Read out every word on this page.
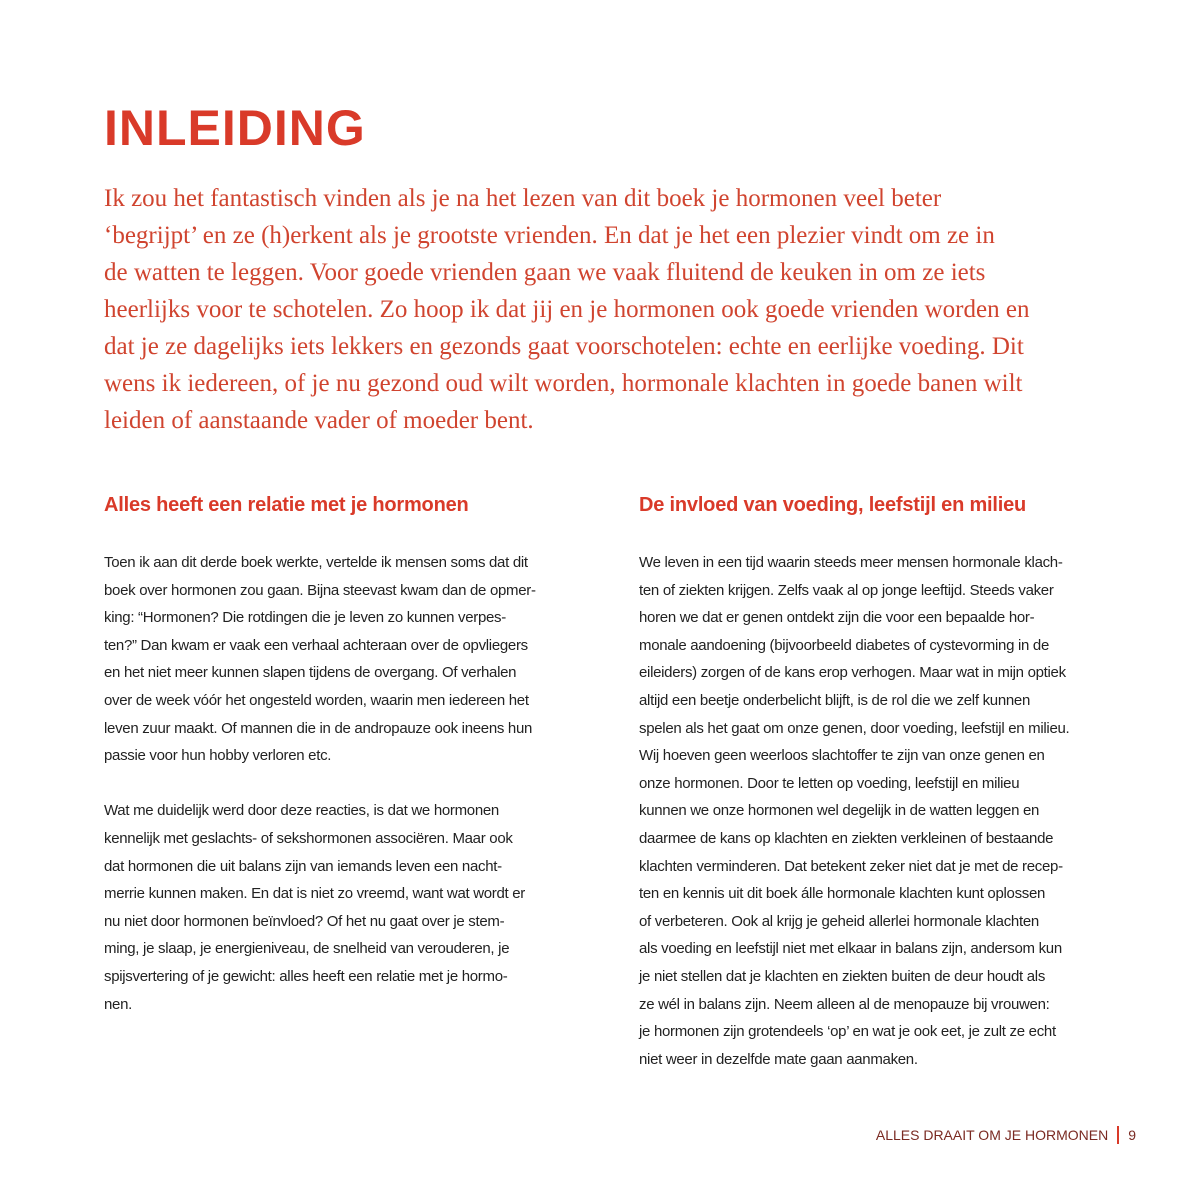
INLEIDING
Ik zou het fantastisch vinden als je na het lezen van dit boek je hormonen veel beter
‘begrijpt’ en ze (h)erkent als je grootste vrienden. En dat je het een plezier vindt om ze in
de watten te leggen. Voor goede vrienden gaan we vaak fluitend de keuken in om ze iets
heerlijks voor te schotelen. Zo hoop ik dat jij en je hormonen ook goede vrienden worden en
dat je ze dagelijks iets lekkers en gezonds gaat voorschotelen: echte en eerlijke voeding. Dit
wens ik iedereen, of je nu gezond oud wilt worden, hormonale klachten in goede banen wilt
leiden of aanstaande vader of moeder bent.
Alles heeft een relatie met je hormonen

Toen ik aan dit derde boek werkte, vertelde ik mensen soms dat dit
boek over hormonen zou gaan. Bijna steevast kwam dan de opmer-
king: “Hormonen? Die rotdingen die je leven zo kunnen verpes-
ten?” Dan kwam er vaak een verhaal achteraan over de opvliegers
en het niet meer kunnen slapen tijdens de overgang. Of verhalen
over de week vóór het ongesteld worden, waarin men iedereen het
leven zuur maakt. Of mannen die in de andropauze ook ineens hun
passie voor hun hobby verloren etc.

Wat me duidelijk werd door deze reacties, is dat we hormonen
kennelijk met geslachts- of sekshormonen associëren. Maar ook
dat hormonen die uit balans zijn van iemands leven een nacht-
merrie kunnen maken. En dat is niet zo vreemd, want wat wordt er
nu niet door hormonen beïnvloed? Of het nu gaat over je stem-
ming, je slaap, je energieniveau, de snelheid van verouderen, je
spijsvertering of je gewicht: alles heeft een relatie met je hormo-
nen.

De invloed van voeding, leefstijl en milieu

We leven in een tijd waarin steeds meer mensen hormonale klach-
ten of ziekten krijgen. Zelfs vaak al op jonge leeftijd. Steeds vaker
horen we dat er genen ontdekt zijn die voor een bepaalde hor-
monale aandoening (bijvoorbeeld diabetes of cystevorming in de
eileiders) zorgen of de kans erop verhogen. Maar wat in mijn optiek
altijd een beetje onderbelicht blijft, is de rol die we zelf kunnen
spelen als het gaat om onze genen, door voeding, leefstijl en milieu.
Wij hoeven geen weerloos slachtoffer te zijn van onze genen en
onze hormonen. Door te letten op voeding, leefstijl en milieu
kunnen we onze hormonen wel degelijk in de watten leggen en
daarmee de kans op klachten en ziekten verkleinen of bestaande
klachten verminderen. Dat betekent zeker niet dat je met de recep-
ten en kennis uit dit boek álle hormonale klachten kunt oplossen
of verbeteren. Ook al krijg je geheid allerlei hormonale klachten
als voeding en leefstijl niet met elkaar in balans zijn, andersom kun
je niet stellen dat je klachten en ziekten buiten de deur houdt als
ze wél in balans zijn. Neem alleen al de menopauze bij vrouwen:
je hormonen zijn grotendeels ‘op’ en wat je ook eet, je zult ze echt
niet weer in dezelfde mate gaan aanmaken.

ALLES DRAAIT OM JE HORMONEN 9
